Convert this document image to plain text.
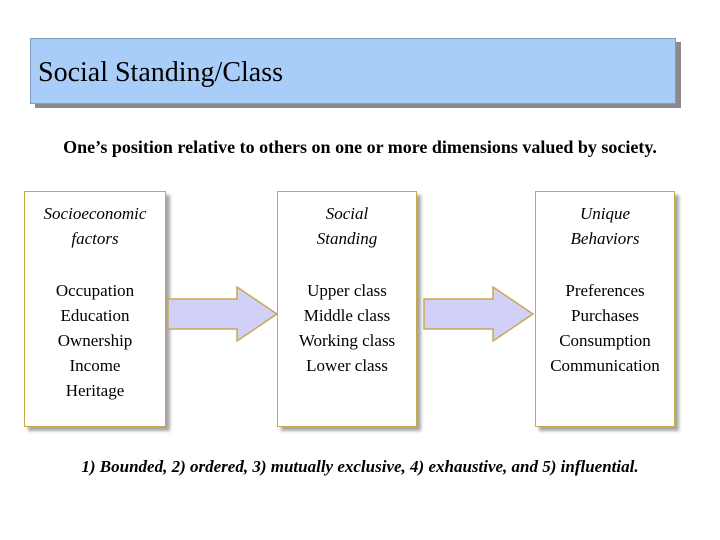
Social Standing/Class
One’s position relative to others on one or more dimensions valued by society.
Socioeconomic
factors
Occupation
Education
Ownership
Income
Heritage
Social
Standing
Upper class
Middle class
Working class
Lower class
Unique
Behaviors
Preferences
Purchases
Consumption
Communication
1) Bounded, 2) ordered, 3) mutually exclusive, 4) exhaustive, and 5) influential.
